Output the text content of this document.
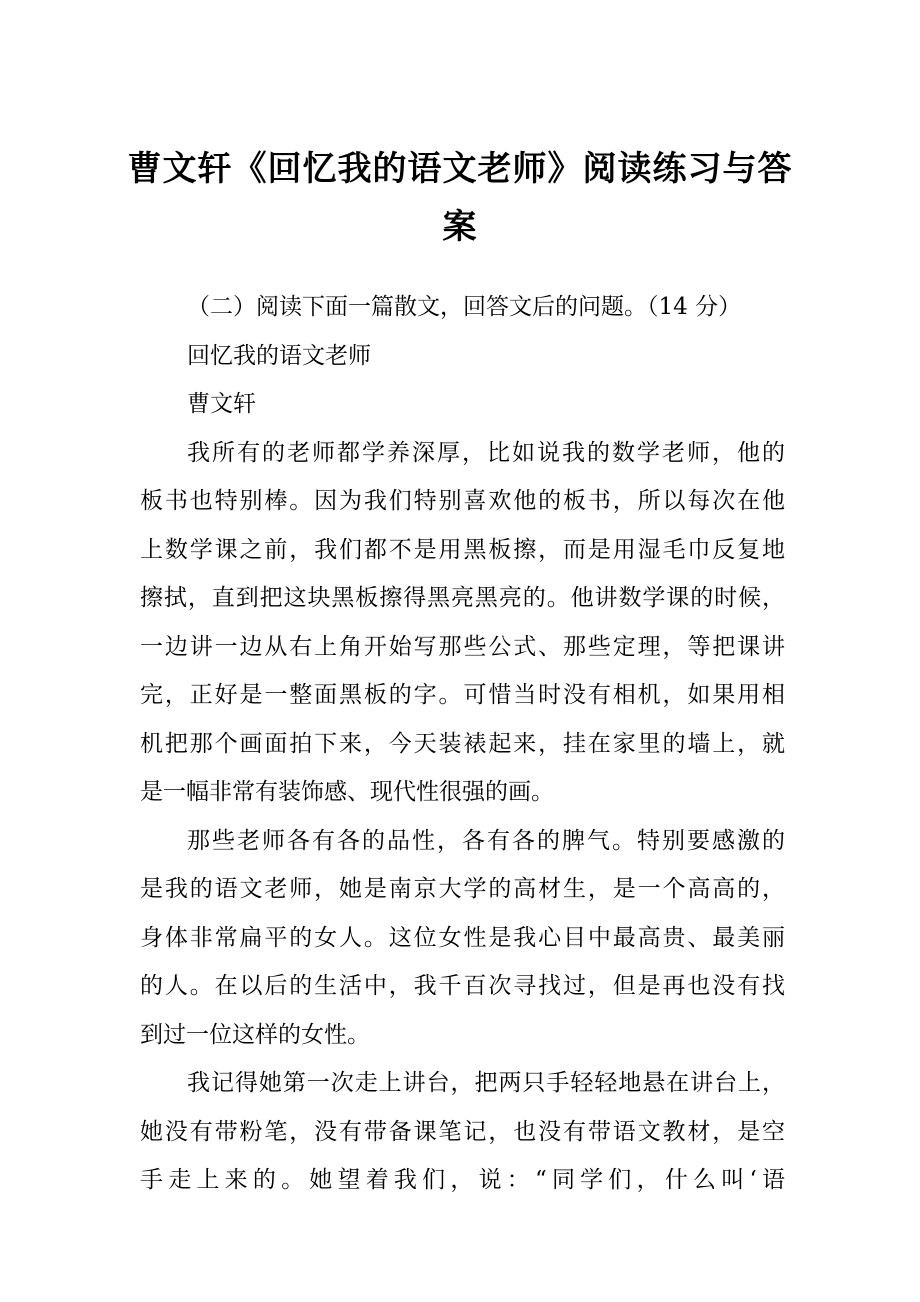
曹文轩《回忆我的语文老师》阅读练习与答
案
（二）阅读下面一篇散文，回答文后的问题。（14 分）
回忆我的语文老师
曹文轩
我所有的老师都学养深厚，比如说我的数学老师，他的
板书也特别棒。因为我们特别喜欢他的板书，所以每次在他
上数学课之前，我们都不是用黑板擦，而是用湿毛巾反复地
擦拭，直到把这块黑板擦得黑亮黑亮的。他讲数学课的时候，
一边讲一边从右上角开始写那些公式、那些定理，等把课讲
完，正好是一整面黑板的字。可惜当时没有相机，如果用相
机把那个画面拍下来，今天装裱起来，挂在家里的墙上，就
是一幅非常有装饰感、现代性很强的画。
那些老师各有各的品性，各有各的脾气。特别要感激的
是我的语文老师，她是南京大学的高材生，是一个高高的，
身体非常扁平的女人。这位女性是我心目中最高贵、最美丽
的人。在以后的生活中，我千百次寻找过，但是再也没有找
到过一位这样的女性。
我记得她第一次走上讲台，把两只手轻轻地悬在讲台上，
她没有带粉笔，没有带备课笔记，也没有带语文教材，是空
手走上来的。她望着我们，说：“同学们，什么叫‘语
